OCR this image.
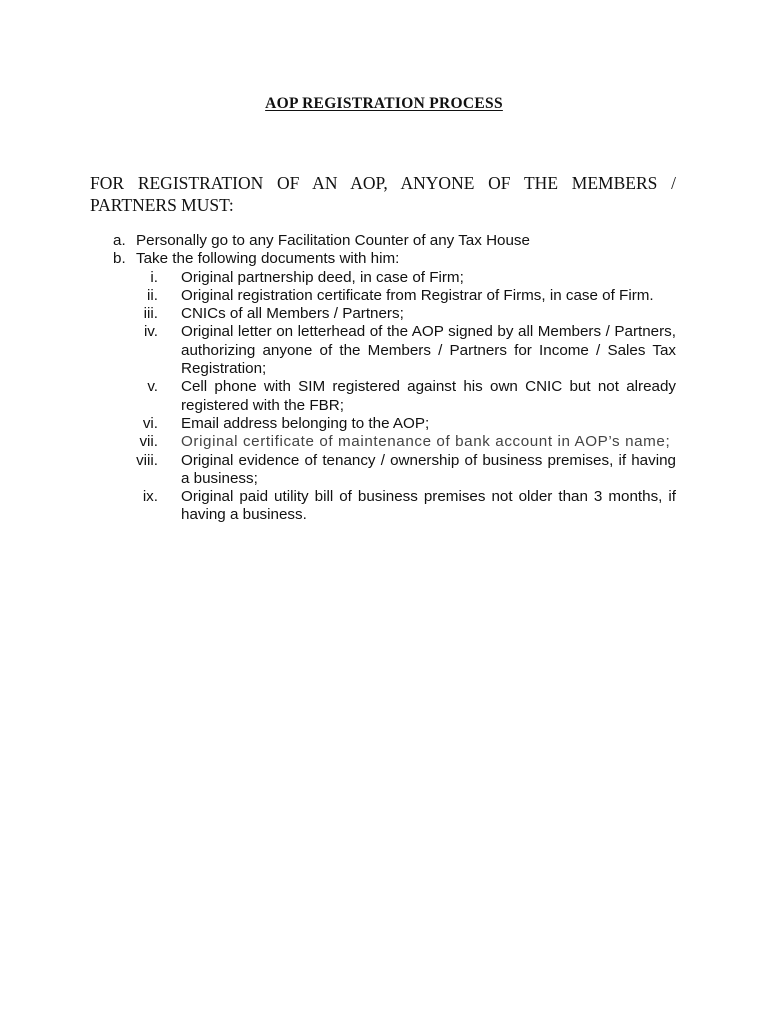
AOP REGISTRATION PROCESS
FOR REGISTRATION OF AN AOP, ANYONE OF THE MEMBERS / PARTNERS MUST:
a. Personally go to any Facilitation Counter of any Tax House
b. Take the following documents with him:
i. Original partnership deed, in case of Firm;
ii. Original registration certificate from Registrar of Firms, in case of Firm.
iii. CNICs of all Members / Partners;
iv. Original letter on letterhead of the AOP signed by all Members / Partners, authorizing anyone of the Members / Partners for Income / Sales Tax Registration;
v. Cell phone with SIM registered against his own CNIC but not already registered with the FBR;
vi. Email address belonging to the AOP;
vii. Original certificate of maintenance of bank account in AOP’s name;
viii. Original evidence of tenancy / ownership of business premises, if having a business;
ix. Original paid utility bill of business premises not older than 3 months, if having a business.
